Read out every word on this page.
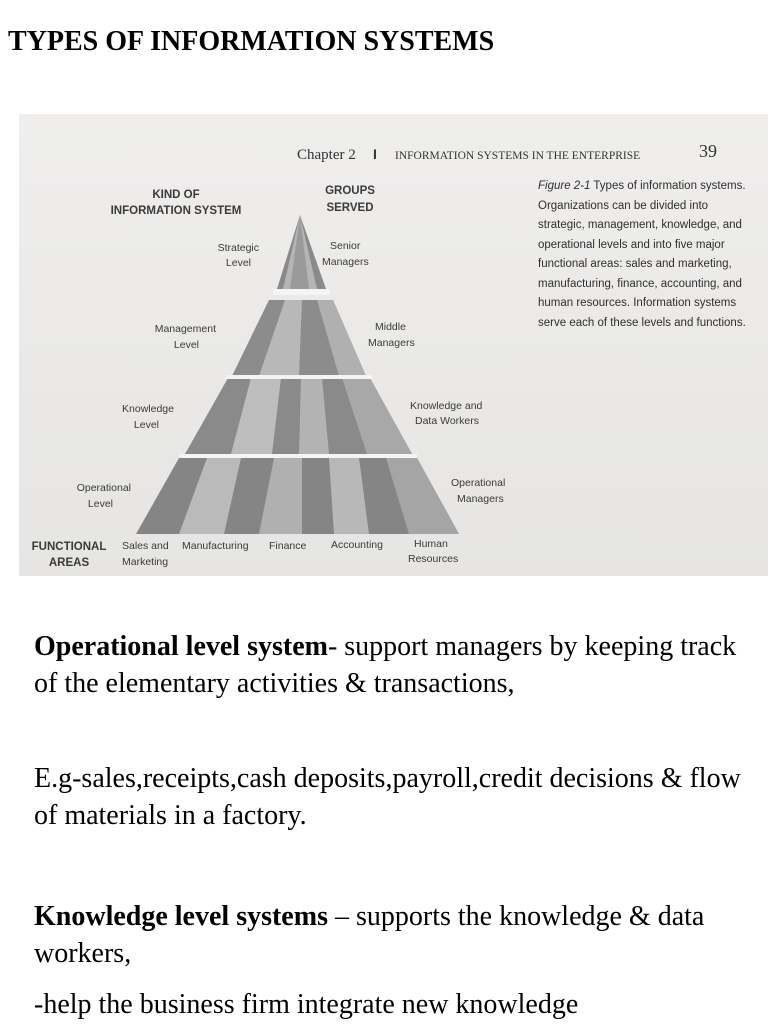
TYPES OF INFORMATION SYSTEMS
Chapter 2 I INFORMATION SYSTEMS IN THE ENTERPRISE	39
KIND OF
INFORMATION SYSTEM
GROUPS
SERVED
Strategic
Level
Management
Level
Knowledge
Level
Operational
Level
Senior
Managers
Middle
Managers
Knowledge and
Data Workers
Operational
Managers
FUNCTIONAL
AREAS
Sales and
Marketing
Manufacturing Finance Accounting	Human
Resources
Figure 2-1 Types of information systems. Organizations can be divided into strategic, management, knowledge, and operational levels and into five major functional areas: sales and marketing, manufacturing, finance, accounting, and human resources. Information systems serve each of these levels and functions.
Operational level system- support managers by keeping track of the elementary activities & transactions,
E.g-sales,receipts,cash deposits,payroll,credit decisions & flow of materials in a factory.
Knowledge level systems – supports the knowledge & data workers,
-help the business firm integrate new knowledge
